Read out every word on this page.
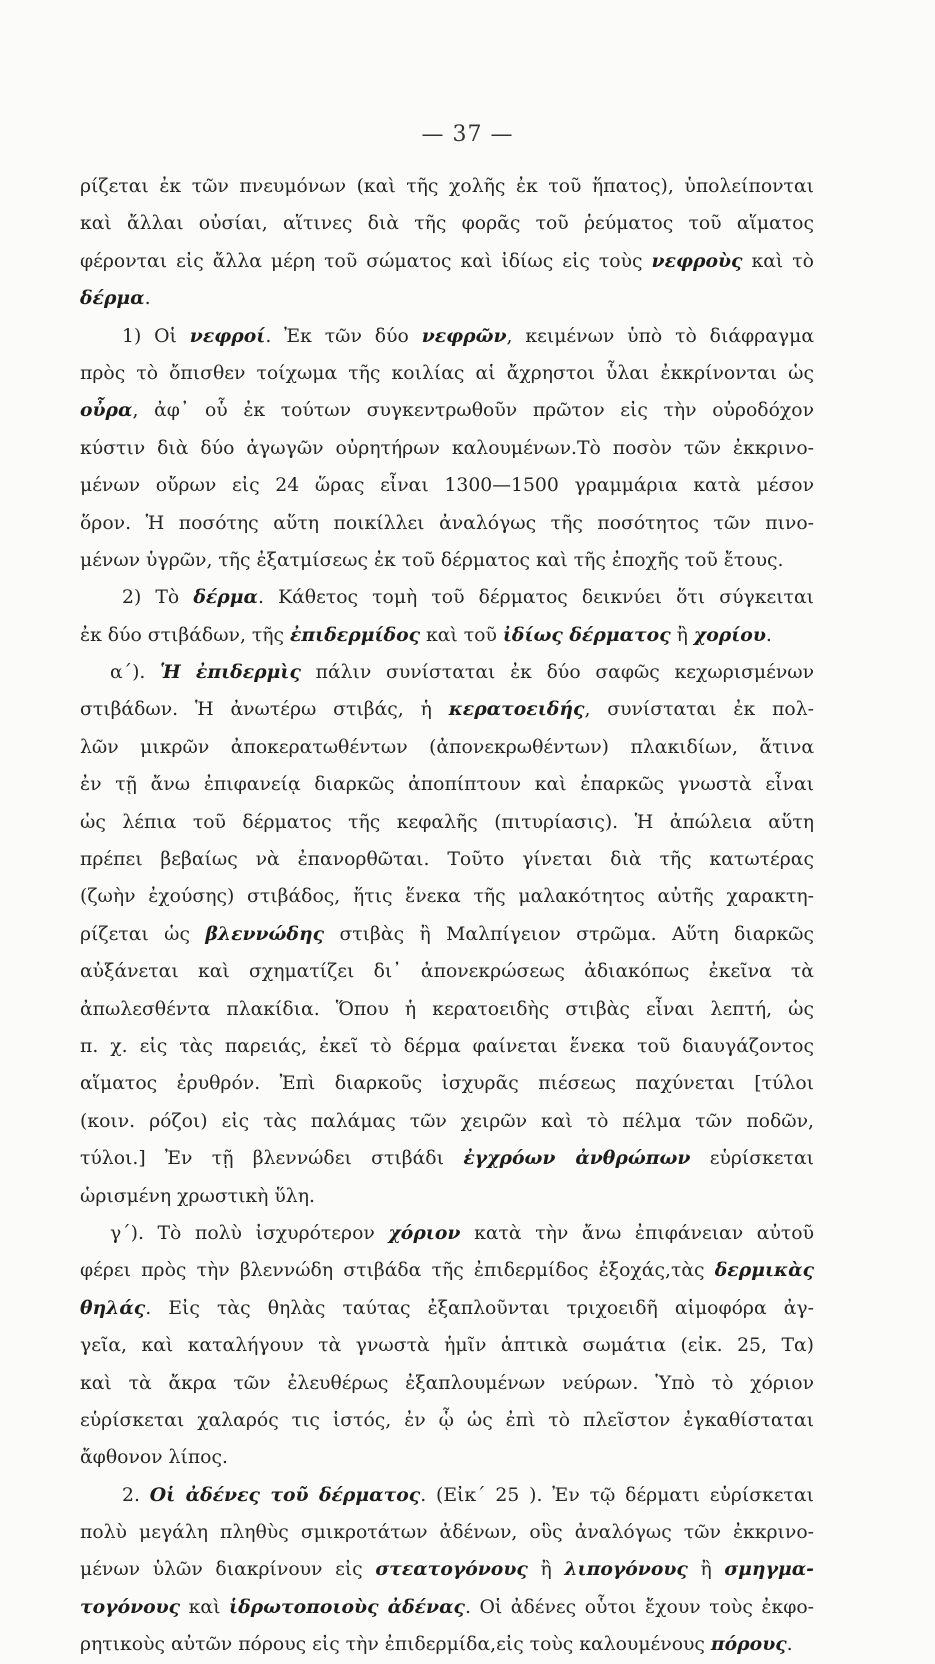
— 37 —
ρίζεται ἐκ τῶν πνευμόνων (καὶ τῆς χολῆς ἐκ τοῦ ἥπατος), ὑπολείπονται
καὶ ἄλλαι οὐσίαι, αἵτινες διὰ τῆς φορᾶς τοῦ ῥεύματος τοῦ αἵματος
φέρονται εἰς ἄλλα μέρη τοῦ σώματος καὶ ἰδίως εἰς τοὺς νεφροὺς καὶ τὸ
δέρμα.
1) Οἱ νεφροί. Ἐκ τῶν δύο νεφρῶν, κειμένων ὑπὸ τὸ διάφραγμα
πρὸς τὸ ὄπισθεν τοίχωμα τῆς κοιλίας αἱ ἄχρηστοι ὗλαι ἐκκρίνονται ὡς
οὖρα, ἀφ᾽ οὗ ἐκ τούτων συγκεντρωθοῦν πρῶτον εἰς τὴν οὐροδόχον
κύστιν διὰ δύο ἀγωγῶν οὐρητήρων καλουμένων.Τὸ ποσὸν τῶν ἐκκρινο-
μένων οὔρων εἰς 24 ὥρας εἶναι 1300—1500 γραμμάρια κατὰ μέσον
ὅρον. Ἡ ποσότης αὕτη ποικίλλει ἀναλόγως τῆς ποσότητος τῶν πινο-
μένων ὑγρῶν, τῆς ἐξατμίσεως ἐκ τοῦ δέρματος καὶ τῆς ἐποχῆς τοῦ ἔτους.
2) Τὸ δέρμα. Κάθετος τομὴ τοῦ δέρματος δεικνύει ὅτι σύγκειται
ἐκ δύο στιβάδων, τῆς ἐπιδερμίδος καὶ τοῦ ἰδίως δέρματος ἢ χορίου.
α΄). Ἡ ἐπιδερμὶς πάλιν συνίσταται ἐκ δύο σαφῶς κεχωρισμένων
στιβάδων. Ἡ ἀνωτέρω στιβάς, ἡ κερατοειδής, συνίσταται ἐκ πολ-
λῶν μικρῶν ἀποκερατωθέντων (ἀπονεκρωθέντων) πλακιδίων, ἅτινα
ἐν τῇ ἄνω ἐπιφανείᾳ διαρκῶς ἀποπίπτουν καὶ ἐπαρκῶς γνωστὰ εἶναι
ὡς λέπια τοῦ δέρματος τῆς κεφαλῆς (πιτυρίασις). Ἡ ἀπώλεια αὕτη
πρέπει βεβαίως νὰ ἐπανορθῶται. Τοῦτο γίνεται διὰ τῆς κατωτέρας
(ζωὴν ἐχούσης) στιβάδος, ἥτις ἕνεκα τῆς μαλακότητος αὐτῆς χαρακτη-
ρίζεται ὡς βλεννώδης στιβὰς ἢ Μαλπίγειον στρῶμα. Αὕτη διαρκῶς
αὐξάνεται καὶ σχηματίζει δι᾽ ἀπονεκρώσεως ἀδιακόπως ἐκεῖνα τὰ
ἀπωλεσθέντα πλακίδια. Ὅπου ἡ κερατοειδὴς στιβὰς εἶναι λεπτή, ὡς
π. χ. εἰς τὰς παρειάς, ἐκεῖ τὸ δέρμα φαίνεται ἕνεκα τοῦ διαυγάζοντος
αἵματος ἐρυθρόν. Ἐπὶ διαρκοῦς ἰσχυρᾶς πιέσεως παχύνεται [τύλοι
(κοιν. ρόζοι) εἰς τὰς παλάμας τῶν χειρῶν καὶ τὸ πέλμα τῶν ποδῶν,
τύλοι.] Ἐν τῇ βλεννώδει στιβάδι ἐγχρόων ἀνθρώπων εὑρίσκεται
ὡρισμένη χρωστικὴ ὕλη.
γ΄). Τὸ πολὺ ἰσχυρότερον χόριον κατὰ τὴν ἄνω ἐπιφάνειαν αὐτοῦ
φέρει πρὸς τὴν βλεννώδη στιβάδα τῆς ἐπιδερμίδος ἐξοχάς,τὰς δερμικὰς
θηλάς. Εἰς τὰς θηλὰς ταύτας ἐξαπλοῦνται τριχοειδῆ αἱμοφόρα ἀγ-
γεῖα, καὶ καταλήγουν τὰ γνωστὰ ἡμῖν ἁπτικὰ σωμάτια (εἰκ. 25, Τα)
καὶ τὰ ἄκρα τῶν ἐλευθέρως ἐξαπλουμένων νεύρων. Ὑπὸ τὸ χόριον
εὑρίσκεται χαλαρός τις ἱστός, ἐν ᾧ ὡς ἐπὶ τὸ πλεῖστον ἐγκαθίσταται
ἄφθονον λίπος.
2. Οἱ ἀδένες τοῦ δέρματος. (Εἰκ΄ 25 ). Ἐν τῷ δέρματι εὑρίσκεται
πολὺ μεγάλη πληθὺς σμικροτάτων ἀδένων, οὓς ἀναλόγως τῶν ἐκκρινο-
μένων ὑλῶν διακρίνουν εἰς στεατογόνους ἢ λιπογόνους ἢ σμηγμα-
τογόνους καὶ ἱδρωτοποιοὺς ἀδένας. Οἱ ἀδένες οὗτοι ἔχουν τοὺς ἐκφο-
ρητικοὺς αὐτῶν πόρους εἰς τὴν ἐπιδερμίδα,εἰς τοὺς καλουμένους πόρους.
